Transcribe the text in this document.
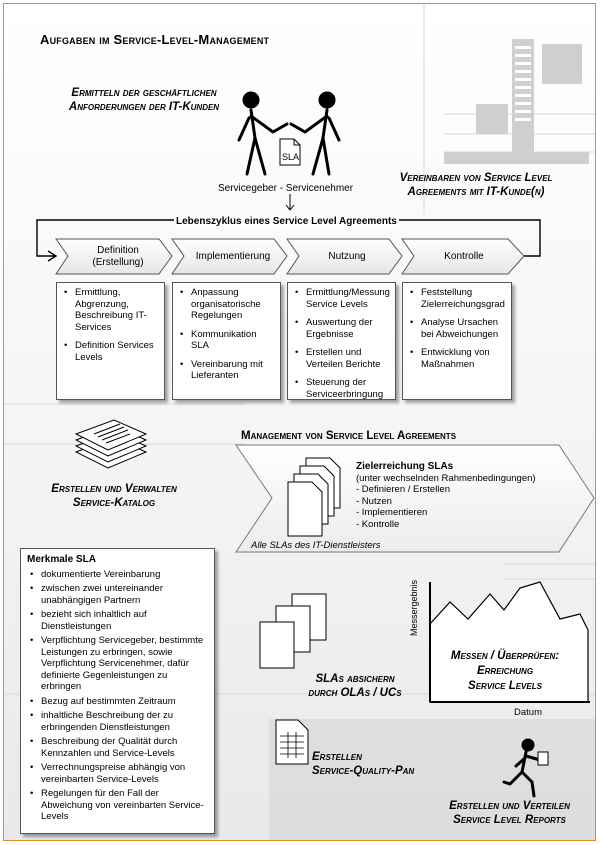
Aufgaben im Service-Level-Management
Ermitteln der geschäftlichen
Anforderungen der IT-Kunden
SLA
Servicegeber - Servicenehmer
Vereinbaren von Service Level
Agreements mit IT-Kunde(n)
Lebenszyklus eines Service Level Agreements
Definition (Erstellung)
Implementierung	Nutzung	Kontrolle
• Ermittlung, Abgrenzung, Beschreibung IT-Services
• Definition Services Levels
• Anpassung organisatorische Regelungen
• Kommunikation SLA
• Vereinbarung mit Lieferanten
• Ermittlung/Messung Service Levels
• Auswertung der Ergebnisse
• Erstellen und Verteilen Berichte
• Steuerung der Serviceerbringung
• Feststellung Zielerreichungsgrad
• Analyse Ursachen bei Abweichungen
• Entwicklung von Maßnahmen
Erstellen und Verwalten
Service-Katalog
Management von Service Level Agreements
Zielerreichung SLAs
(unter wechselnden Rahmenbedingungen)
- Definieren / Erstellen
- Nutzen
- Implementieren
- Kontrolle
Alle SLAs des IT-Dienstleisters
Merkmale SLA
• dokumentierte Vereinbarung
• zwischen zwei untereinander unabhängigen Partnern
• bezieht sich inhaltlich auf Dienstleistungen
• Verpflichtung Servicegeber, bestimmte Leistungen zu erbringen, sowie Verpflichtung Servicenehmer, dafür definierte Gegenleistungen zu erbringen
• Bezug auf bestimmten Zeitraum
• inhaltliche Beschreibung der zu erbringenden Dienstleistungen
• Beschreibung der Qualität durch Kennzahlen und Service-Levels
• Verrechnungspreise abhängig von vereinbarten Service-Levels
• Regelungen für den Fall der Abweichung von vereinbarten Service-Levels
SLAs absichern
durch OLAs / UCs
Messergebnis
Messen / Überprüfen:
Erreichung
Service Levels
Datum
Erstellen
Service-Quality-Pan
Erstellen und Verteilen
Service Level Reports
